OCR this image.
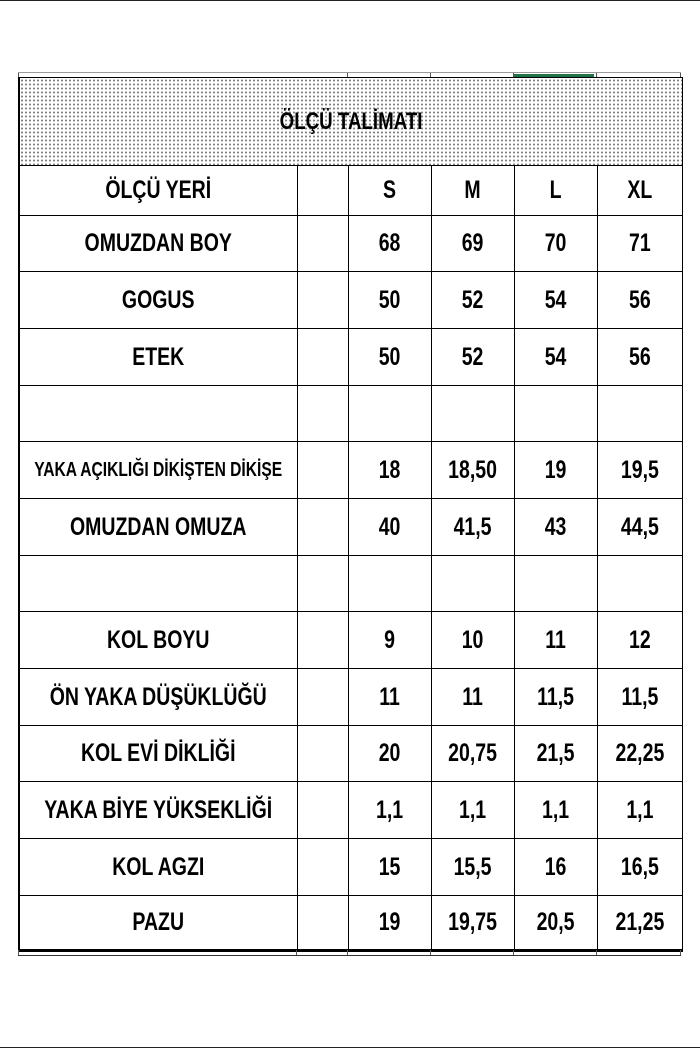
ÖLÇÜ TALİMATI					

ÖLÇÜ YERİ		S	M	L	XL

OMUZDAN BOY		68	69	70	71

GOGUS		50	52	54	56

ETEK		50	52	54	56

YAKA AÇIKLIĞI DİKİŞTEN DİKİŞE		18	18,50	19	19,5

OMUZDAN OMUZA		40	41,5	43	44,5

KOL BOYU		9	10	11	12

ÖN YAKA DÜŞÜKLÜĞÜ		11	11	11,5	11,5

KOL EVİ DİKLİĞİ		20	20,75	21,5	22,25

YAKA BİYE YÜKSEKLİĞİ		1,1	1,1	1,1	1,1

KOL AGZI		15	15,5	16	16,5

PAZU		19	19,75	20,5	21,25
